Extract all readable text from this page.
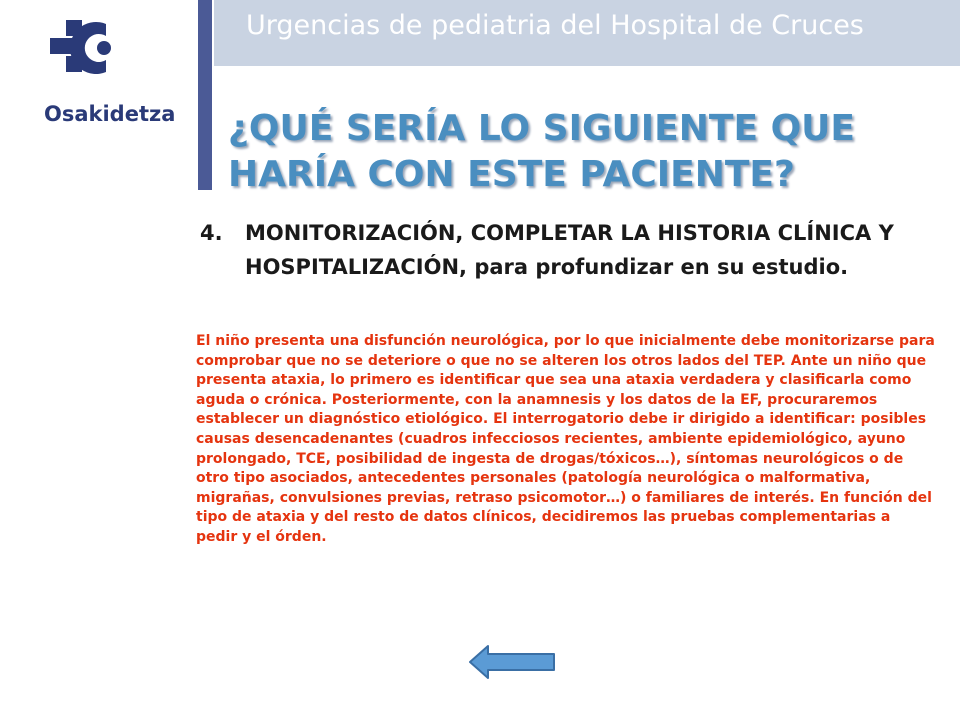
Osakidetza
Urgencias de pediatria del Hospital de Cruces
¿QUÉ SERÍA LO SIGUIENTE QUE
HARÍA CON ESTE PACIENTE?
4.	MONITORIZACIÓN, COMPLETAR LA HISTORIA CLÍNICA Y HOSPITALIZACIÓN, para profundizar en su estudio.

El niño presenta una disfunción neurológica, por lo que inicialmente debe monitorizarse para comprobar que no se deteriore o que no se alteren los otros lados del TEP. Ante un niño que presenta ataxia, lo primero es identificar que sea una ataxia verdadera y clasificarla como aguda o crónica. Posteriormente, con la anamnesis y los datos de la EF, procuraremos establecer un diagnóstico etiológico. El interrogatorio debe ir dirigido a identificar: posibles causas desencadenantes (cuadros infecciosos recientes, ambiente epidemiológico, ayuno prolongado, TCE, posibilidad de ingesta de drogas/tóxicos…), síntomas neurológicos o de otro tipo asociados, antecedentes personales (patología neurológica o malformativa, migrañas, convulsiones previas, retraso psicomotor…) o familiares de interés. En función del tipo de ataxia y del resto de datos clínicos, decidiremos las pruebas complementarias a pedir y el órden.
